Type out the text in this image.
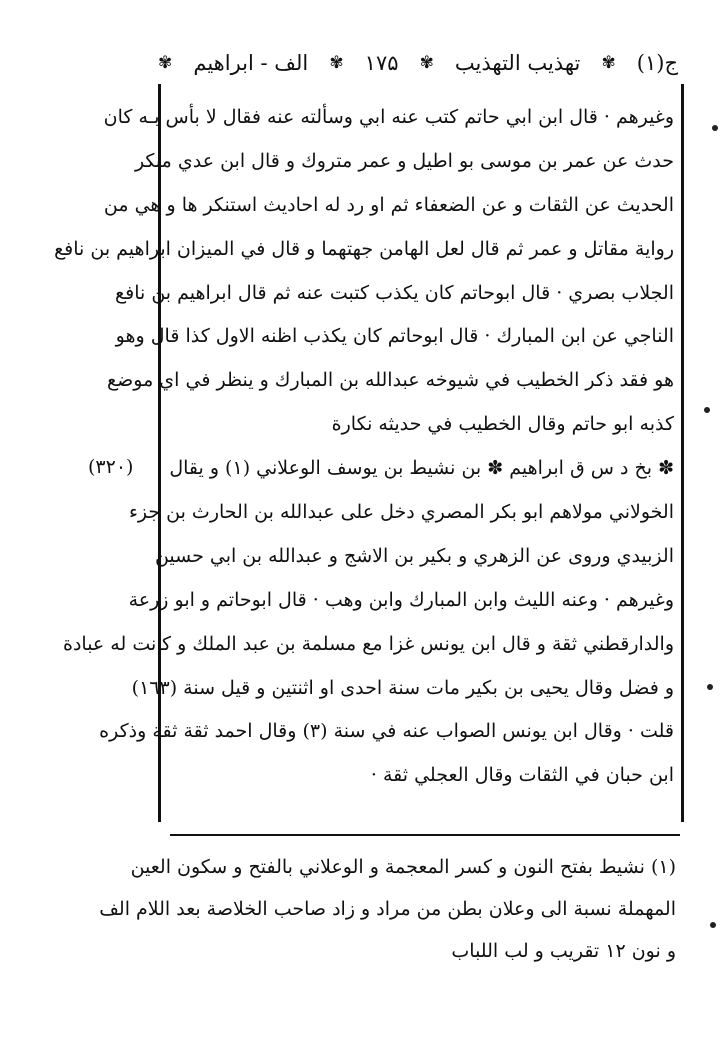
ج(۱)
✾
تهذيب التهذيب
✾
۱۷۵
✾
الف - ابراهيم
✾
وغيرهم · قال ابن ابي حاتم كتب عنه ابي وسألته عنه فقال لا بأس بـه كان
حدث عن عمر بن موسى بو اطيل و عمر متروك و قال ابن عدي منكر
الحديث عن الثقات و عن الضعفاء ثم او رد له احاديث استنكر ها و هي من
رواية مقاتل و عمر ثم قال لعل الهامن جهتهما و قال في الميزان ابراهيم بن نافع
الجلاب بصري · قال ابوحاتم كان يكذب كتبت عنه ثم قال ابراهيم بن نافع
الناجي عن ابن المبارك · قال ابوحاتم كان يكذب اظنه الاول كذا قال وهو
هو فقد ذكر الخطيب في شيوخه عبدالله بن المبارك و ينظر في اي موضع
كذبه ابو حاتم وقال الخطيب في حديثه نكارة
✽ بخ د س ق ابراهيم ✽ بن نشيط بن يوسف الوعلاني (۱) و يقال
الخولاني مولاهم ابو بكر المصري دخل على عبدالله بن الحارث بن جزء
الزبيدي وروى عن الزهري و بكير بن الاشج و عبدالله بن ابي حسين
وغيرهم · وعنه الليث وابن المبارك وابن وهب · قال ابوحاتم و ابو زرعة
والدارقطني ثقة و قال ابن يونس غزا مع مسلمة بن عبد الملك و كانت له عبادة
و فضل وقال يحيى بن بكير مات سنة احدى او اثنتين و قيل سنة (۱٦٣)
قلت · وقال ابن يونس الصواب عنه في سنة (۳) وقال احمد ثقة ثقة وذكره
ابن حبان في الثقات وقال العجلي ثقة ·
(۳۲۰)
(۱) نشيط بفتح النون و كسر المعجمة و الوعلاني بالفتح و سكون العين
المهملة نسبة الى وعلان بطن من مراد و زاد صاحب الخلاصة بعد اللام الف
و نون ۱۲ تقريب و لب اللباب
